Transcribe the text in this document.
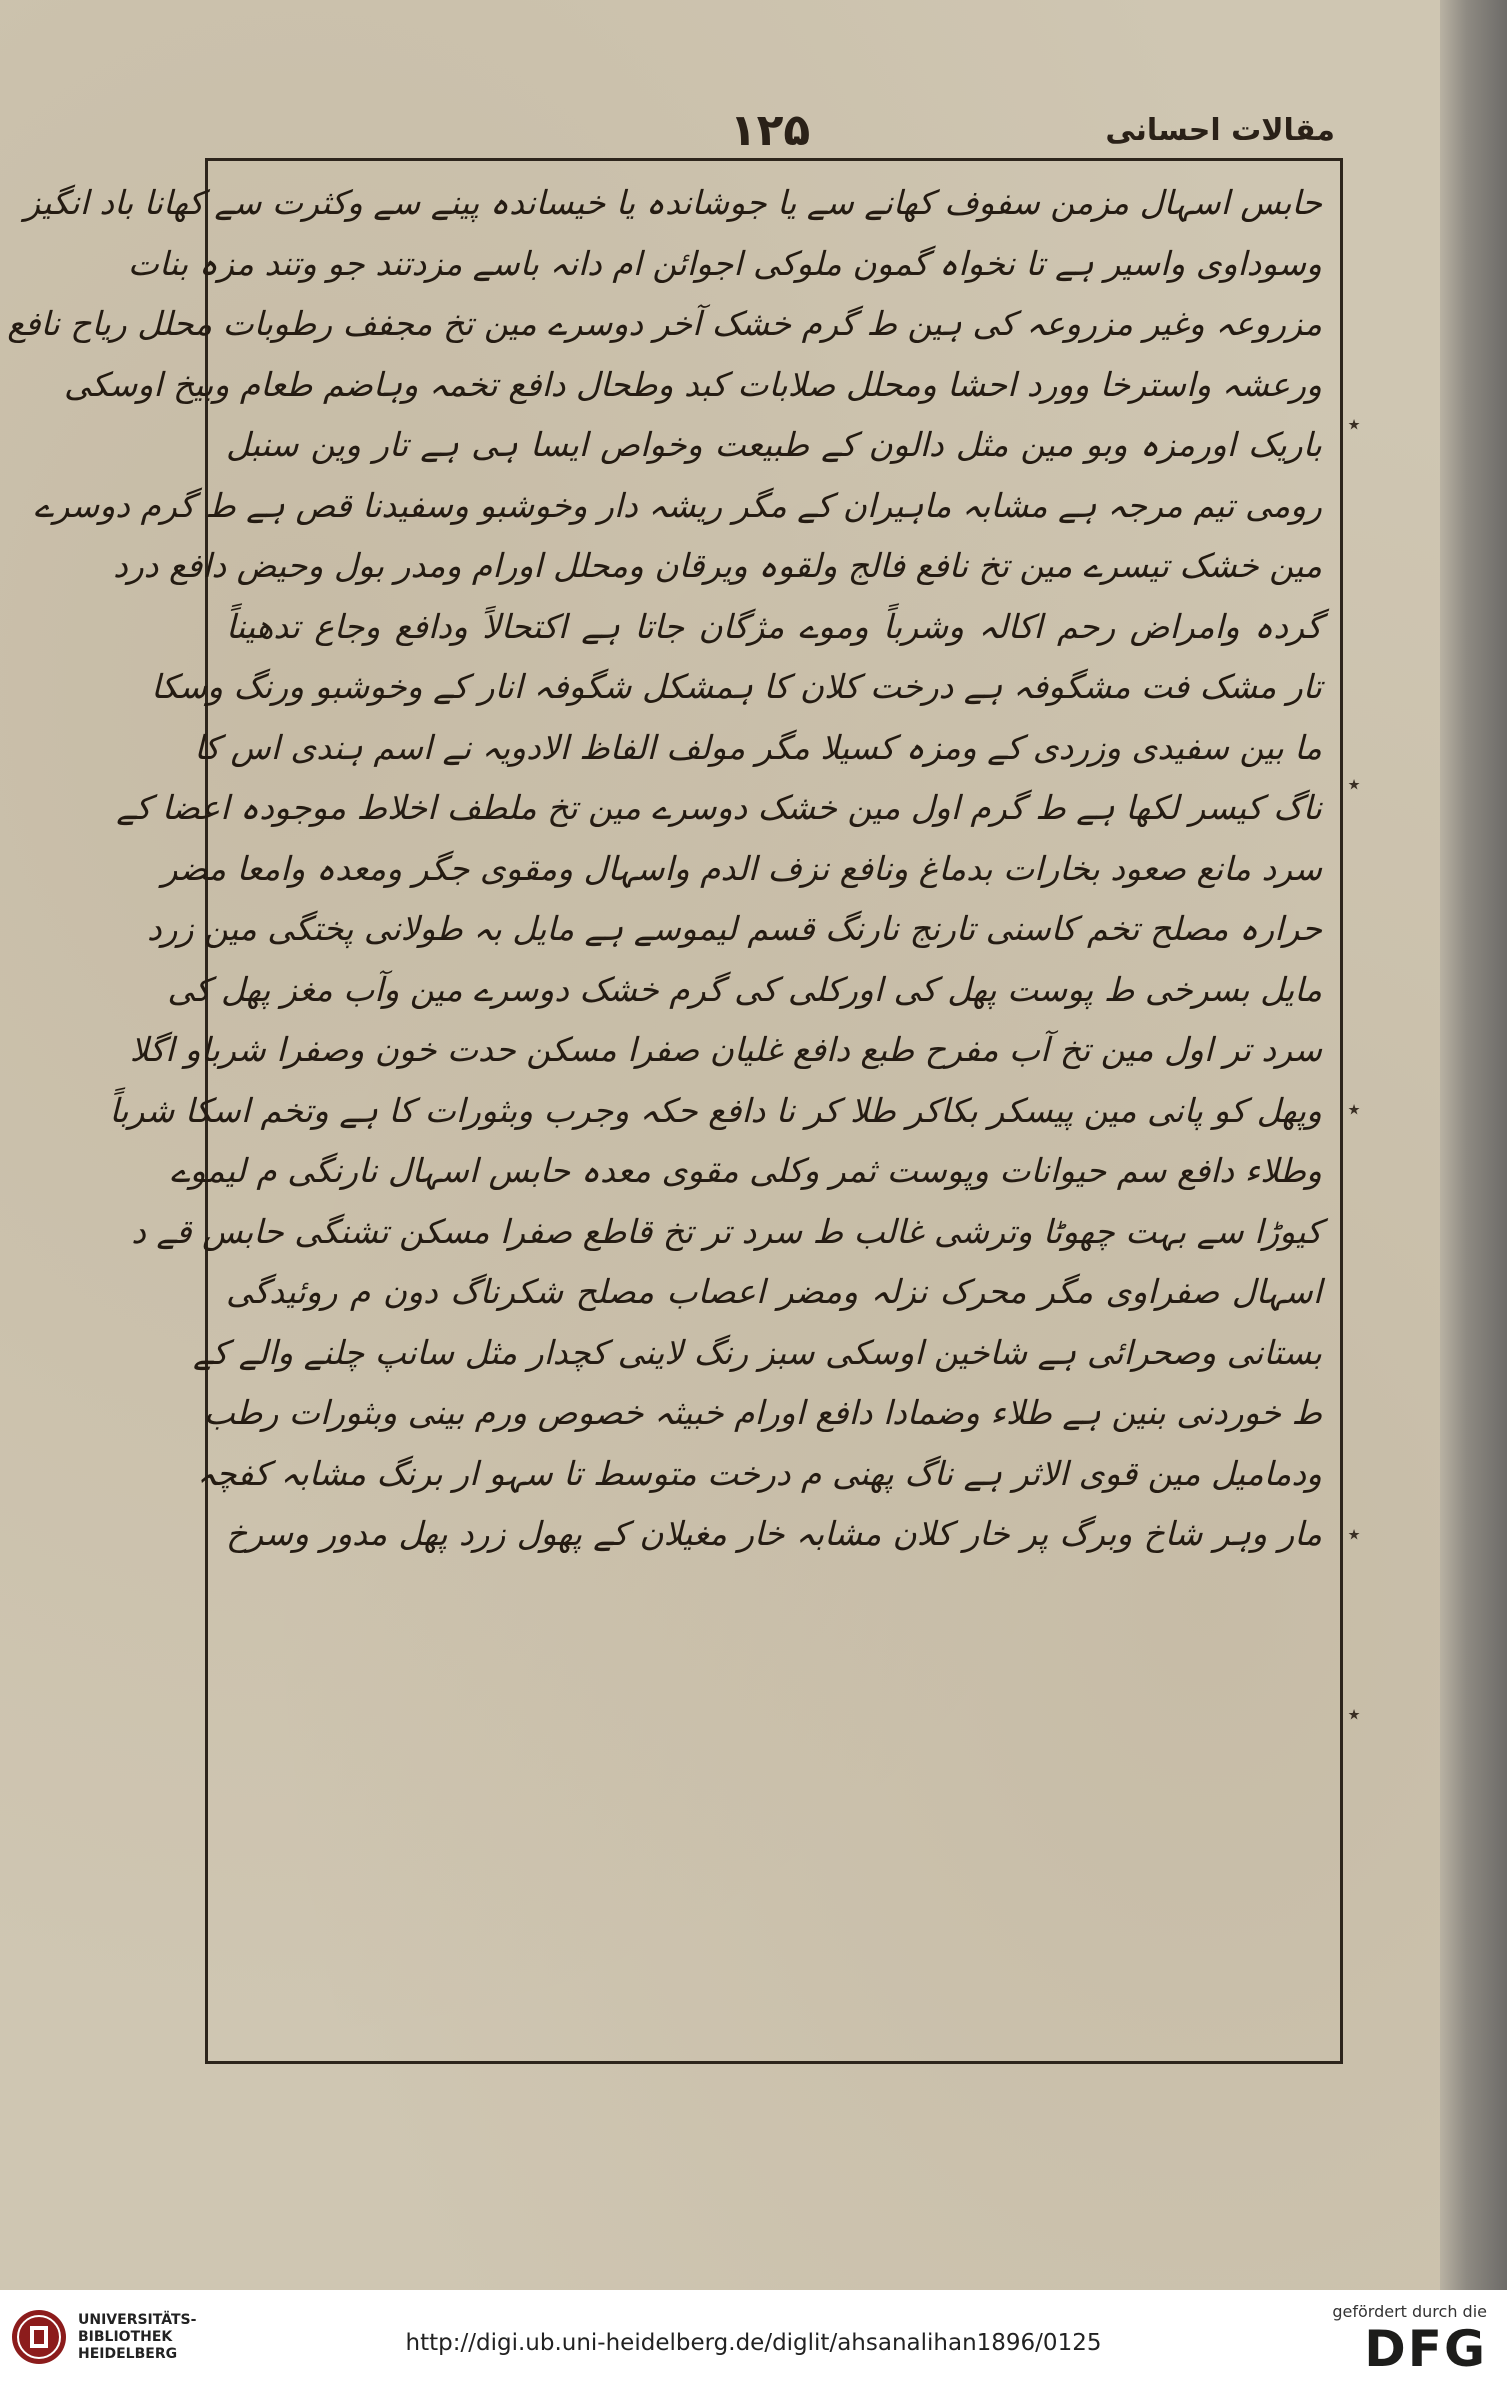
مقالات احسانی
۱۲۵
حابس اسہال مزمن سفوف کھانے سے یا جوشاندہ یا خیساندہ پینے سے وکثرت سے کھانا باد انگیز
وسوداوی واسیر ہے تا نخواہ گمون ملوکی اجوائن ام دانہ باسے مزدتند جو وتند مزہ بنات
مزروعہ وغیر مزروعہ کی ہین ط گرم خشک آخر دوسرے مین تخ مجفف رطوبات محلل ریاح نافع
ورعشہ واسترخا وورد احشا ومحلل صلابات کبد وطحال دافع تخمہ وہاضم طعام وبیخ اوسکی
باریک اورمزہ وبو مین مثل دالون کے طبیعت وخواص ایسا ہی ہے تار وین سنبل
رومی تیم مرجہ ہے مشابہ ماہیران کے مگر ریشہ دار وخوشبو وسفیدنا قص ہے ط گرم دوسرے
مین خشک تیسرے مین تخ نافع فالج ولقوہ ویرقان ومحلل اورام ومدر بول وحیض دافع درد
گردہ وامراض رحم اکالہ وشرباً وموے مژگان جاتا ہے اکتحالاً ودافع وجاع تدھیناً
تار مشک فت مشگوفہ ہے درخت کلان کا ہمشکل شگوفہ انار کے وخوشبو ورنگ وسکا
ما بین سفیدی وزردی کے ومزہ کسیلا مگر مولف الفاظ الادویہ نے اسم ہندی اس کا
ناگ کیسر لکھا ہے ط گرم اول مین خشک دوسرے مین تخ ملطف اخلاط موجودہ اعضا کے
سرد مانع صعود بخارات بدماغ ونافع نزف الدم واسہال ومقوی جگر ومعدہ وامعا مضر
حرارہ مصلح تخم کاسنی تارنج نارنگ قسم لیموسے ہے مایل بہ طولانی پختگی مین زرد
مایل بسرخی ط پوست پھل کی اورکلی کی گرم خشک دوسرے مین وآب مغز پھل کی
سرد تر اول مین تخ آب مفرح طبع دافع غلیان صفرا مسکن حدت خون وصفرا شرباو اگلا
وپھل کو پانی مین پیسکر بکاکر طلا کر نا دافع حکہ وجرب وبثورات کا ہے وتخم اسکا شرباً
وطلاء دافع سم حیوانات وپوست ثمر وکلی مقوی معدہ حابس اسہال نارنگی م لیموے
کیوڑا سے بہت چھوٹا وترشی غالب ط سرد تر تخ قاطع صفرا مسکن تشنگی حابس قے د
اسہال صفراوی مگر محرک نزلہ ومضر اعصاب مصلح شکرناگ دون م روئیدگی
بستانی وصحرائی ہے شاخین اوسکی سبز رنگ لاینی کچدار مثل سانپ چلنے والے کے
ط خوردنی بنین ہے طلاء وضمادا دافع اورام خبیثہ خصوص ورم بینی وبثورات رطب
ودمامیل مین قوی الاثر ہے ناگ پھنی م درخت متوسط تا سہو ار برنگ مشابہ کفچہ
مار وہر شاخ وبرگ پر خار کلان مشابہ خار مغیلان کے پھول زرد پھل مدور وسرخ
٭
٭
٭
٭
٭
UNIVERSITÄTS-
BIBLIOTHEK
HEIDELBERG	http://digi.ub.uni-heidelberg.de/diglit/ahsanalihan1896/0125
gefördert durch die
DFG
